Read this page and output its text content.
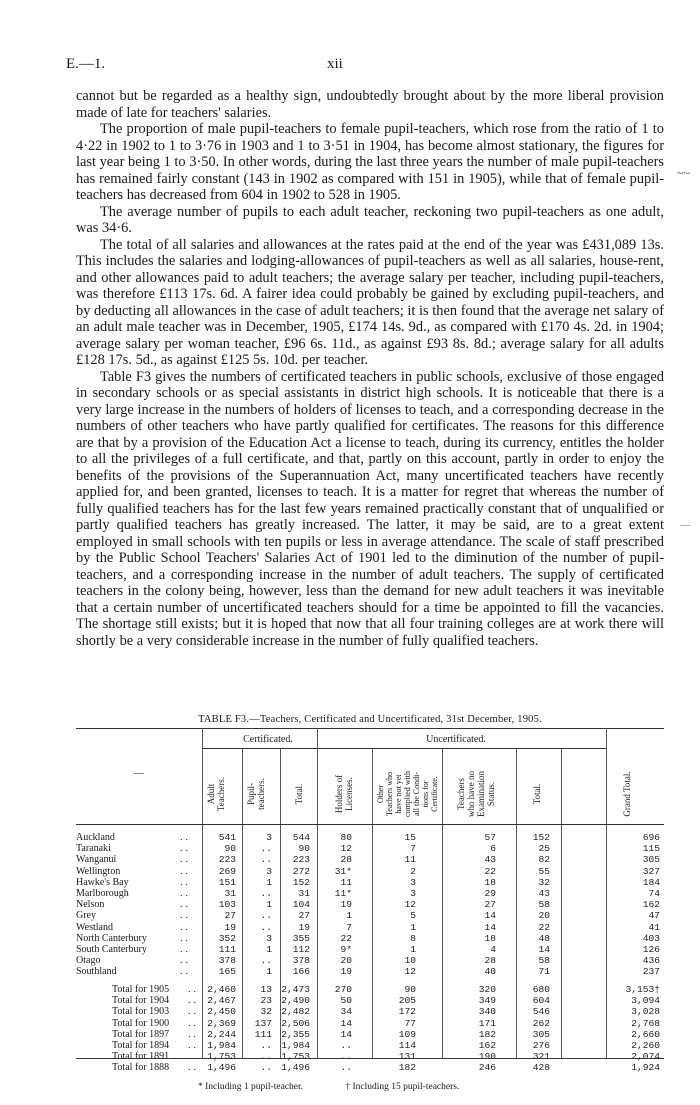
E.—1.	xii
~~
—

cannot but be regarded as a healthy sign, undoubtedly brought about by the more liberal provision made of late for teachers' salaries.

The proportion of male pupil-teachers to female pupil-teachers, which rose from the ratio of 1 to 4·22 in 1902 to 1 to 3·76 in 1903 and 1 to 3·51 in 1904, has become almost stationary, the figures for last year being 1 to 3·50. In other words, during the last three years the number of male pupil-teachers has remained fairly constant (143 in 1902 as compared with 151 in 1905), while that of female pupil-teachers has decreased from 604 in 1902 to 528 in 1905.

The average number of pupils to each adult teacher, reckoning two pupil-teachers as one adult, was 34·6.

The total of all salaries and allowances at the rates paid at the end of the year was £431,089 13s. This includes the salaries and lodging-allowances of pupil-teachers as well as all salaries, house-rent, and other allowances paid to adult teachers; the average salary per teacher, including pupil-teachers, was therefore £113 17s. 6d. A fairer idea could probably be gained by excluding pupil-teachers, and by deducting all allowances in the case of adult teachers; it is then found that the average net salary of an adult male teacher was in December, 1905, £174 14s. 9d., as compared with £170 4s. 2d. in 1904; average salary per woman teacher, £96 6s. 11d., as against £93 8s. 8d.; average salary for all adults £128 17s. 5d., as against £125 5s. 10d. per teacher.

Table F3 gives the numbers of certificated teachers in public schools, exclusive of those engaged in secondary schools or as special assistants in district high schools. It is noticeable that there is a very large increase in the numbers of holders of licenses to teach, and a corresponding decrease in the numbers of other teachers who have partly qualified for certificates. The reasons for this difference are that by a provision of the Education Act a license to teach, during its currency, entitles the holder to all the privileges of a full certificate, and that, partly on this account, partly in order to enjoy the benefits of the provisions of the Superannuation Act, many uncertificated teachers have recently applied for, and been granted, licenses to teach. It is a matter for regret that whereas the number of fully qualified teachers has for the last few years remained practically constant that of unqualified or partly qualified teachers has greatly increased. The latter, it may be said, are to a great extent employed in small schools with ten pupils or less in average attendance. The scale of staff prescribed by the Public School Teachers' Salaries Act of 1901 led to the diminution of the number of pupil-teachers, and a corresponding increase in the number of adult teachers. The supply of certificated teachers in the colony being, however, less than the demand for new adult teachers it was inevitable that a certain number of uncertificated teachers should for a time be appointed to fill the vacancies. The shortage still exists; but it is hoped that now that all four training colleges are at work there will shortly be a very considerable increase in the number of fully qualified teachers.

TABLE F3.—Teachers, Certificated and Uncertificated, 31st December, 1905.
Certificated.	Uncertificated.
—
Adult
Teachers. Pupil-
teachers.	Total.	Holders of
Licenses.	Other
Teachers who
have not yet
complied with
all the Condi-
tions for
Certificate. Teachers
who have no
Examination
Status.	Total.	Grand Total.
Auckland	..	541	3	544	80	15	57	152	696
Taranaki	..	90	..	90	12	7	6	25	115
Wanganui	..	223	..	223	28	11	43	82	305
Wellington	..	269	3	272	31*	2	22	55	327
Hawke's Bay	..	151	1	152	11	3	18	32	184
Marlborough	..	31	..	31	11*	3	29	43	74
Nelson	..	103	1	104	19	12	27	58	162
Grey	..	27	..	27	1	5	14	20	47
Westland	..	19	..	19	7	1	14	22	41
North Canterbury	..	352	3	355	22	8	18	48	403
South Canterbury	..	111	1	112	9*	1	4	14	126
Otago	..	378	..	378	20	10	28	58	436
Southland	..	165	1	166	19	12	40	71	237
Total for 1905 .. 2,460	13 2,473	270	90	320	680	3,153†
Total for 1904 .. 2,467	23 2,490	50	205	349	604	3,094
Total for 1903 .. 2,450	32 2,482	34	172	340	546	3,028
Total for 1900 .. 2,369	137 2,506	14	77	171	262	2,768
Total for 1897 .. 2,244	111 2,355	14	109	182	305	2,660
Total for 1894 .. 1,984	.. 1,984	..	114	162	276	2,260
Total for 1891 .. 1,753	.. 1,753	..	131	190	321	2,074
Total for 1888 .. 1,496	.. 1,496	..	182	246	428	1,924
* Including 1 pupil-teacher.	† Including 15 pupil-teachers.
